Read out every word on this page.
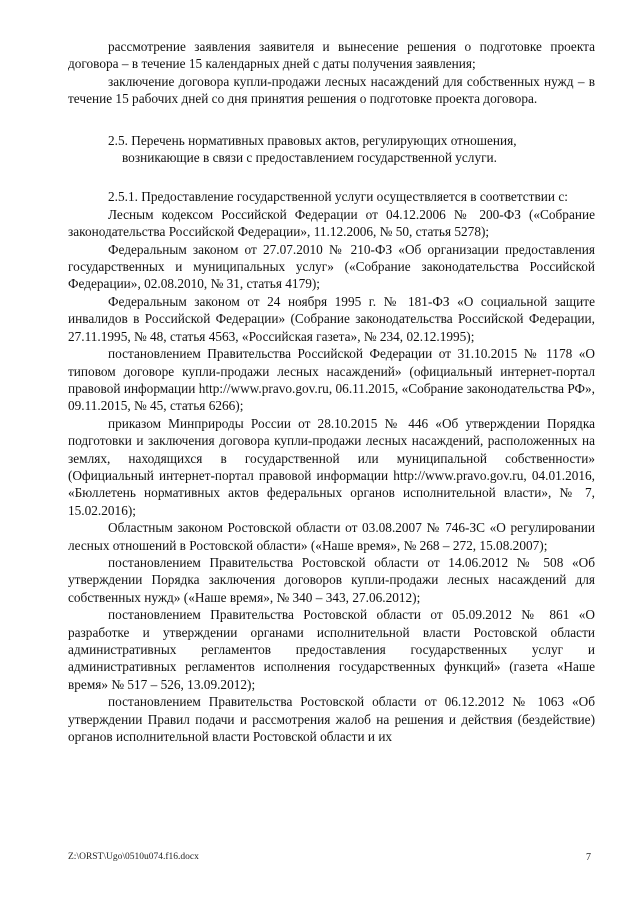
рассмотрение заявления заявителя и вынесение решения о подготовке проекта договора – в течение 15 календарных дней с даты получения заявления;

заключение договора купли-продажи лесных насаждений для собственных нужд – в течение 15 рабочих дней со дня принятия решения о подготовке проекта договора.

2.5. Перечень нормативных правовых актов, регулирующих отношения,
возникающие в связи с предоставлением государственной услуги.

2.5.1. Предоставление государственной услуги осуществляется в соответствии с:

Лесным кодексом Российской Федерации от 04.12.2006 № 200-ФЗ («Собрание законодательства Российской Федерации», 11.12.2006, № 50, статья 5278);

Федеральным законом от 27.07.2010 № 210-ФЗ «Об организации предоставления государственных и муниципальных услуг» («Собрание законодательства Российской Федерации», 02.08.2010, № 31, статья 4179);

Федеральным законом от 24 ноября 1995 г. № 181-ФЗ «О социальной защите инвалидов в Российской Федерации» (Собрание законодательства Российской Федерации, 27.11.1995, № 48, статья 4563, «Российская газета», № 234, 02.12.1995);

постановлением Правительства Российской Федерации от 31.10.2015 № 1178 «О типовом договоре купли-продажи лесных насаждений» (официальный интернет-портал правовой информации http://www.pravo.gov.ru, 06.11.2015, «Собрание законодательства РФ», 09.11.2015, № 45, статья 6266);

приказом Минприроды России от 28.10.2015 № 446 «Об утверждении Порядка подготовки и заключения договора купли-продажи лесных насаждений, расположенных на землях, находящихся в государственной или муниципальной собственности» (Официальный интернет-портал правовой информации http://www.pravo.gov.ru, 04.01.2016, «Бюллетень нормативных актов федеральных органов исполнительной власти», № 7, 15.02.2016);

Областным законом Ростовской области от 03.08.2007 № 746-ЗС «О регулировании лесных отношений в Ростовской области» («Наше время», № 268 – 272, 15.08.2007);

постановлением Правительства Ростовской области от 14.06.2012 № 508 «Об утверждении Порядка заключения договоров купли-продажи лесных насаждений для собственных нужд» («Наше время», № 340 – 343, 27.06.2012);

постановлением Правительства Ростовской области от 05.09.2012 № 861 «О разработке и утверждении органами исполнительной власти Ростовской области административных регламентов предоставления государственных услуг и административных регламентов исполнения государственных функций» (газета «Наше время» № 517 – 526, 13.09.2012);

постановлением Правительства Ростовской области от 06.12.2012 № 1063 «Об утверждении Правил подачи и рассмотрения жалоб на решения и действия (бездействие) органов исполнительной власти Ростовской области и их

Z:\ORST\Ugo\0510u074.f16.docx	7
